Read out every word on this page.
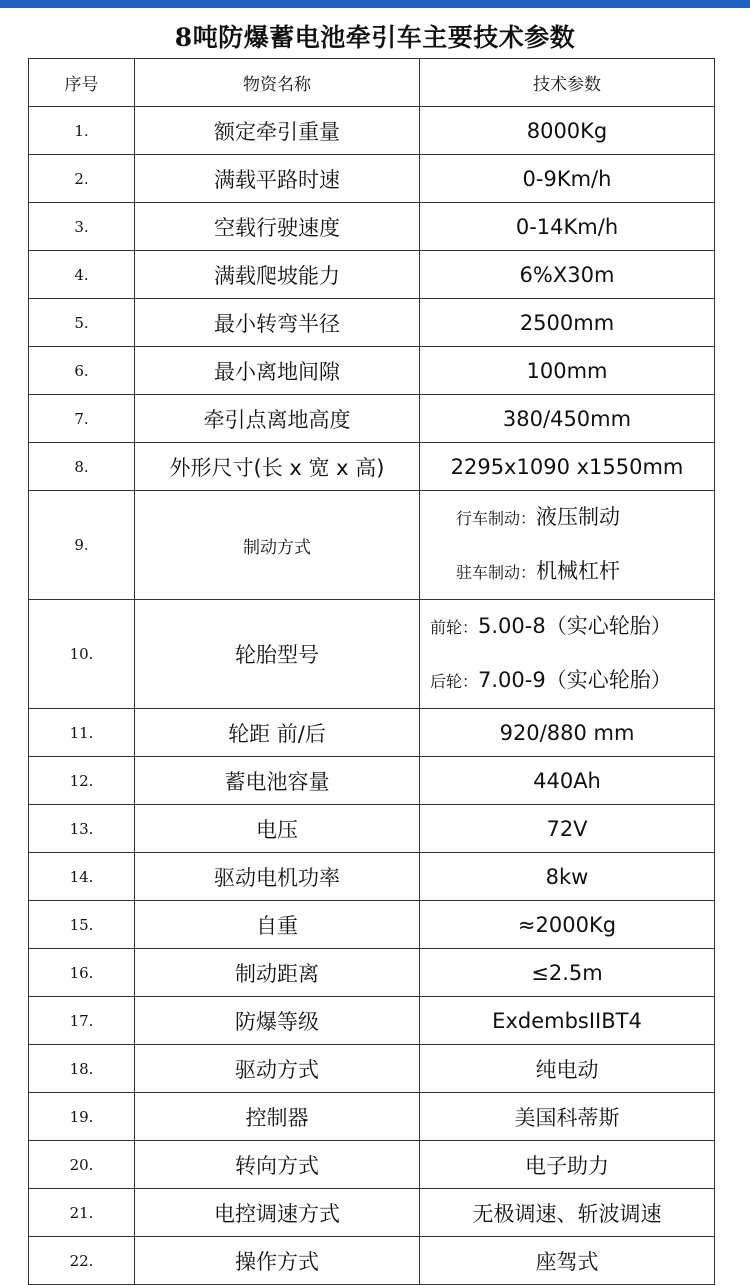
8吨防爆蓄电池牵引车主要技术参数
序号	物资名称	技术参数
1.	额定牵引重量	8000Kg
2.	满载平路时速	0-9Km/h
3.	空载行驶速度	0-14Km/h
4.	满载爬坡能力	6%X30m
5.	最小转弯半径	2500mm
6.	最小离地间隙	100mm
7.	牵引点离地高度	380/450mm
8.	外形尺寸(长 x 宽 x 高)	2295x1090 x1550mm
9.	制动方式	行车制动：液压制动
驻车制动：机械杠杆

10.	轮胎型号	前轮：5.00-8（实心轮胎）
后轮：7.00-9（实心轮胎）

11.	轮距 前/后	920/880 mm
12.	蓄电池容量	440Ah
13.	电压	72V
14.	驱动电机功率	8kw
15.	自重	≈2000Kg
16.	制动距离	≤2.5m
17.	防爆等级	ExdembsIIBT4
18.	驱动方式	纯电动
19.	控制器	美国科蒂斯
20.	转向方式	电子助力
21.	电控调速方式	无极调速、斩波调速
22.	操作方式	座驾式
